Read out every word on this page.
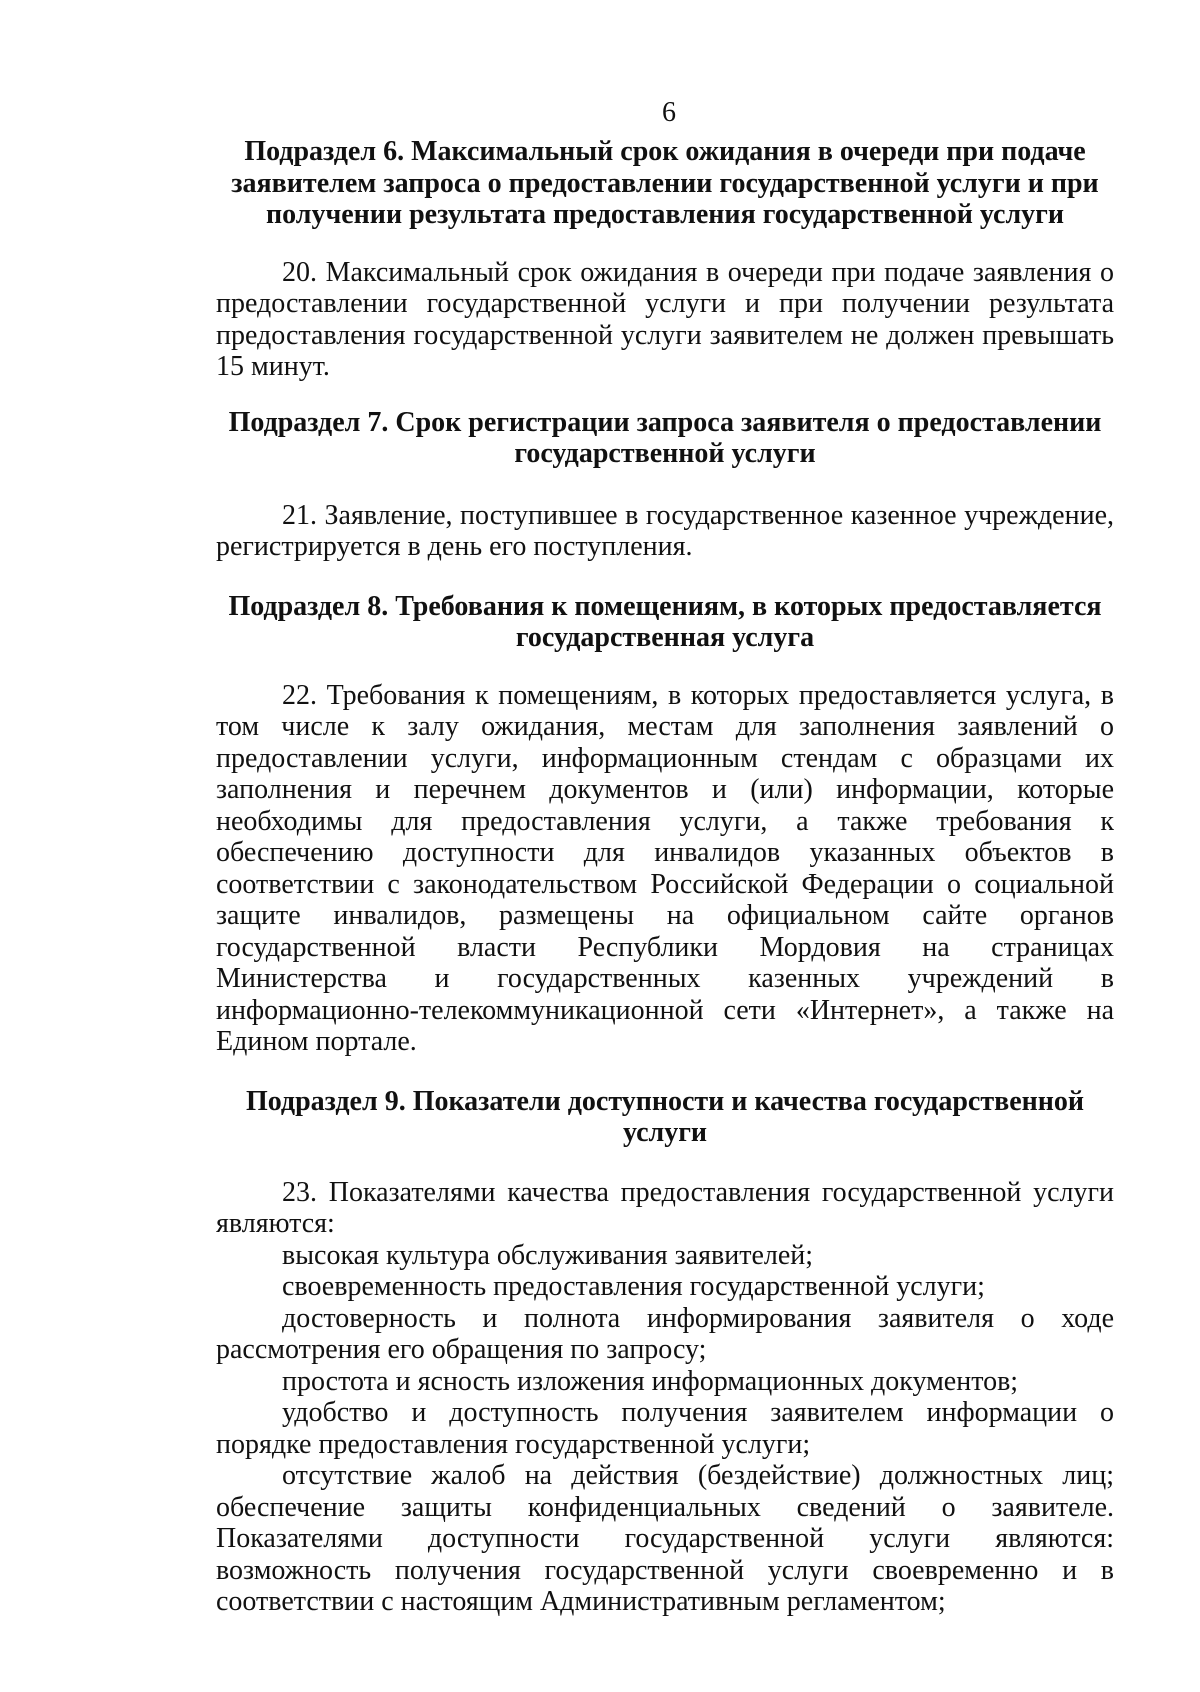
6
Подраздел 6. Максимальный срок ожидания в очереди при подаче
заявителем запроса о предоставлении государственной услуги и при
получении результата предоставления государственной услуги

20. Максимальный срок ожидания в очереди при подаче заявления о предоставлении государственной услуги и при получении результата предоставления государственной услуги заявителем не должен превышать 15 минут.

Подраздел 7. Срок регистрации запроса заявителя о предоставлении
государственной услуги

21. Заявление, поступившее в государственное казенное учреждение, регистрируется в день его поступления.

Подраздел 8. Требования к помещениям, в которых предоставляется
государственная услуга

22. Требования к помещениям, в которых предоставляется услуга, в том числе к залу ожидания, местам для заполнения заявлений о предоставлении услуги, информационным стендам с образцами их заполнения и перечнем документов и (или) информации, которые необходимы для предоставления услуги, а также требования к обеспечению доступности для инвалидов указанных объектов в соответствии с законодательством Российской Федерации о социальной защите инвалидов, размещены на официальном сайте органов государственной власти Республики Мордовия на страницах Министерства и государственных казенных учреждений в информационно-телекоммуникационной сети «Интернет», а также на Едином портале.

Подраздел 9. Показатели доступности и качества государственной
услуги

23. Показателями качества предоставления государственной услуги являются:

высокая культура обслуживания заявителей;

своевременность предоставления государственной услуги;

достоверность и полнота информирования заявителя о ходе рассмотрения его обращения по запросу;

простота и ясность изложения информационных документов;

удобство и доступность получения заявителем информации о порядке предоставления государственной услуги;

отсутствие жалоб на действия (бездействие) должностных лиц; обеспечение защиты конфиденциальных сведений о заявителе. Показателями доступности государственной услуги являются: возможность получения государственной услуги своевременно и в соответствии с настоящим Административным регламентом;
